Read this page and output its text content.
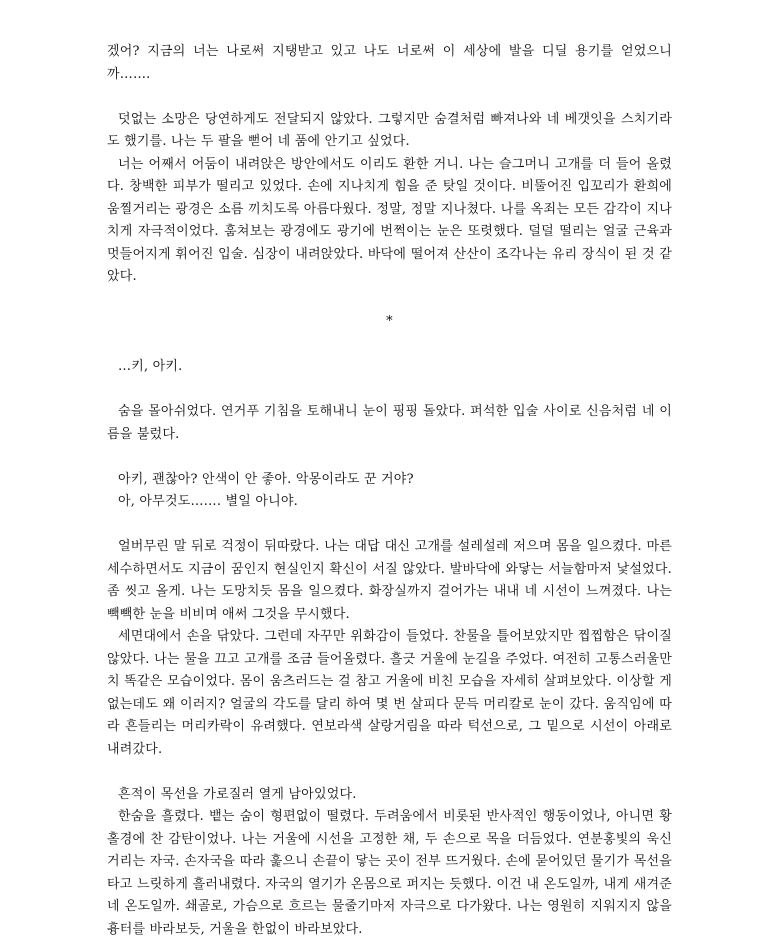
겠어? 지금의 너는 나로써 지탱받고 있고 나도 너로써 이 세상에 발을 디딜 용기를 얻었으니까…….

덧없는 소망은 당연하게도 전달되지 않았다. 그렇지만 숨결처럼 빠져나와 네 베갯잇을 스치기라도 했기를. 나는 두 팔을 뻗어 네 품에 안기고 싶었다.

너는 어째서 어둠이 내려앉은 방안에서도 이리도 환한 거니. 나는 슬그머니 고개를 더 들어 올렸다. 창백한 피부가 떨리고 있었다. 손에 지나치게 힘을 준 탓일 것이다. 비뚤어진 입꼬리가 환희에 움찔거리는 광경은 소름 끼치도록 아름다웠다. 정말, 정말 지나쳤다. 나를 옥죄는 모든 감각이 지나치게 자극적이었다. 훔쳐보는 광경에도 광기에 번쩍이는 눈은 또렷했다. 덜덜 떨리는 얼굴 근육과 멋들어지게 휘어진 입술. 심장이 내려앉았다. 바닥에 떨어져 산산이 조각나는 유리 장식이 된 것 같았다.

*

…키, 아키.

숨을 몰아쉬었다. 연거푸 기침을 토해내니 눈이 핑핑 돌았다. 퍼석한 입술 사이로 신음처럼 네 이름을 불렀다.

아키, 괜찮아? 안색이 안 좋아. 악몽이라도 꾼 거야?

아, 아무것도……. 별일 아니야.

얼버무린 말 뒤로 걱정이 뒤따랐다. 나는 대답 대신 고개를 설레설레 저으며 몸을 일으켰다. 마른세수하면서도 지금이 꿈인지 현실인지 확신이 서질 않았다. 발바닥에 와닿는 서늘함마저 낯설었다. 좀 씻고 올게. 나는 도망치듯 몸을 일으켰다. 화장실까지 걸어가는 내내 네 시선이 느껴졌다. 나는 빽빽한 눈을 비비며 애써 그것을 무시했다.

세면대에서 손을 닦았다. 그런데 자꾸만 위화감이 들었다. 찬물을 틀어보았지만 찝찝함은 닦이질 않았다. 나는 물을 끄고 고개를 조금 들어올렸다. 흘긋 거울에 눈길을 주었다. 여전히 고통스러울만치 똑같은 모습이었다. 몸이 움츠러드는 걸 참고 거울에 비친 모습을 자세히 살펴보았다. 이상할 게 없는데도 왜 이러지? 얼굴의 각도를 달리 하여 몇 번 살피다 문득 머리칼로 눈이 갔다. 움직임에 따라 흔들리는 머리카락이 유려했다. 연보라색 살랑거림을 따라 턱선으로, 그 밑으로 시선이 아래로 내려갔다.

흔적이 목선을 가로질러 열게 남아있었다.

한숨을 흘렸다. 뱉는 숨이 형편없이 떨렸다. 두려움에서 비롯된 반사적인 행동이었나, 아니면 황홀경에 찬 감탄이었나. 나는 거울에 시선을 고정한 채, 두 손으로 목을 더듬었다. 연분홍빛의 욱신거리는 자국. 손자국을 따라 훑으니 손끝이 닿는 곳이 전부 뜨거웠다. 손에 묻어있던 물기가 목선을 타고 느릿하게 흘러내렸다. 자국의 열기가 온몸으로 퍼지는 듯했다. 이건 내 온도일까, 내게 새겨준 네 온도일까. 쇄골로, 가슴으로 흐르는 물줄기마저 자극으로 다가왔다. 나는 영원히 지워지지 않을 흉터를 바라보듯, 거울을 한없이 바라보았다.
